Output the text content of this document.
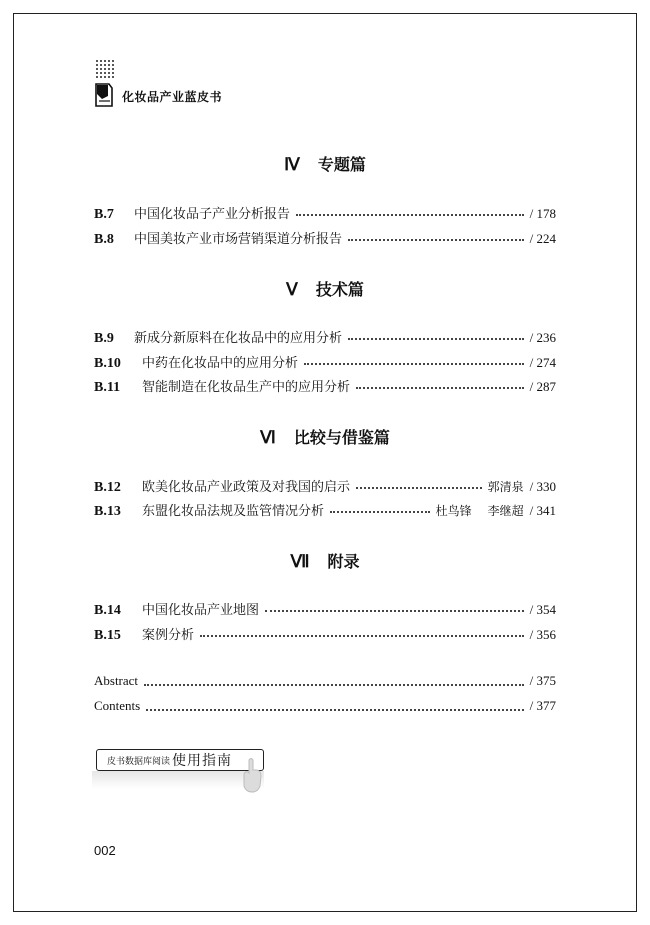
化妆品产业蓝皮书
Ⅳ 专题篇
B.7	中国化妆品子产业分析报告	/ 178
B.8	中国美妆产业市场营销渠道分析报告	/ 224
Ⅴ 技术篇
B.9	新成分新原料在化妆品中的应用分析	/ 236
B.10	中药在化妆品中的应用分析	/ 274
B.11	智能制造在化妆品生产中的应用分析	/ 287
Ⅵ 比较与借鉴篇
B.12	欧美化妆品产业政策及对我国的启示	郭清泉 / 330
B.13	东盟化妆品法规及监管情况分析	杜鸟锋 李继超 / 341
Ⅶ 附录
B.14	中国化妆品产业地图	/ 354
B.15	案例分析	/ 356
Abstract	/ 375
Contents	/ 377
皮书数据库阅读 使用指南
002
